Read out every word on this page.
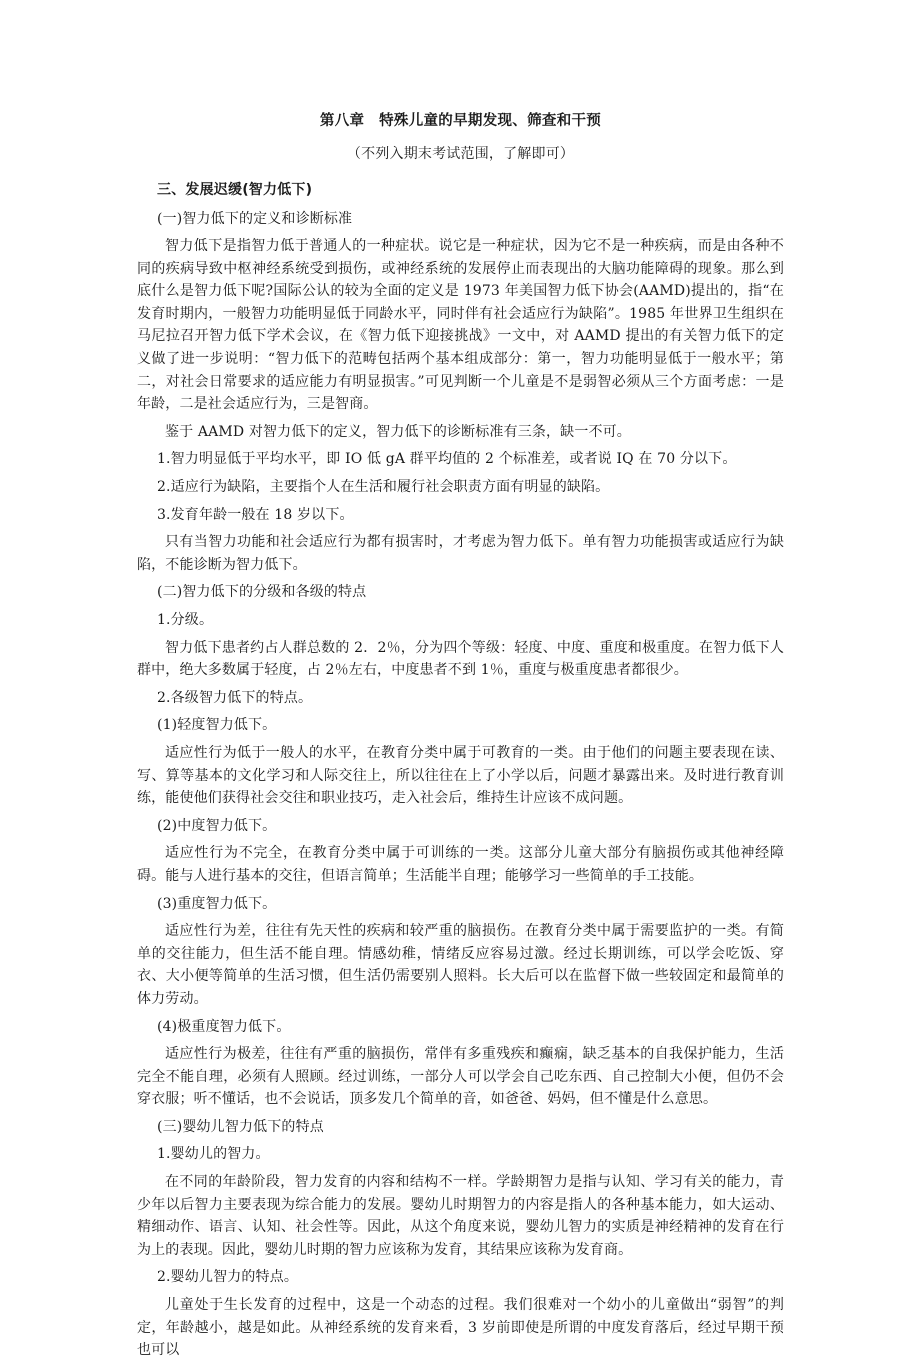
第八章　特殊儿童的早期发现、筛查和干预
（不列入期末考试范围，了解即可）
三、发展迟缓(智力低下)

(一)智力低下的定义和诊断标准

智力低下是指智力低于普通人的一种症状。说它是一种症状，因为它不是一种疾病，而是由各种不同的疾病导致中枢神经系统受到损伤，或神经系统的发展停止而表现出的大脑功能障碍的现象。那么到底什么是智力低下呢?国际公认的较为全面的定义是 1973 年美国智力低下协会(AAMD)提出的，指“在发育时期内，一般智力功能明显低于同龄水平，同时伴有社会适应行为缺陷”。1985 年世界卫生组织在马尼拉召开智力低下学术会议，在《智力低下迎接挑战》一文中，对 AAMD 提出的有关智力低下的定义做了进一步说明：“智力低下的范畴包括两个基本组成部分：第一，智力功能明显低于一般水平；第二，对社会日常要求的适应能力有明显损害。”可见判断一个儿童是不是弱智必须从三个方面考虑：一是年龄，二是社会适应行为，三是智商。

鉴于 AAMD 对智力低下的定义，智力低下的诊断标准有三条，缺一不可。

1.智力明显低于平均水平，即 IO 低 gA 群平均值的 2 个标准差，或者说 IQ 在 70 分以下。

2.适应行为缺陷，主要指个人在生活和履行社会职责方面有明显的缺陷。

3.发育年龄一般在 18 岁以下。

只有当智力功能和社会适应行为都有损害时，才考虑为智力低下。单有智力功能损害或适应行为缺陷，不能诊断为智力低下。

(二)智力低下的分级和各级的特点

1.分级。

智力低下患者约占人群总数的 2．2％，分为四个等级：轻度、中度、重度和极重度。在智力低下人群中，绝大多数属于轻度，占 2％左右，中度患者不到 1％，重度与极重度患者都很少。

2.各级智力低下的特点。

(1)轻度智力低下。

适应性行为低于一般人的水平，在教育分类中属于可教育的一类。由于他们的问题主要表现在读、写、算等基本的文化学习和人际交往上，所以往往在上了小学以后，问题才暴露出来。及时进行教育训练，能使他们获得社会交往和职业技巧，走入社会后，维持生计应该不成问题。

(2)中度智力低下。

适应性行为不完全，在教育分类中属于可训练的一类。这部分儿童大部分有脑损伤或其他神经障碍。能与人进行基本的交往，但语言简单；生活能半自理；能够学习一些简单的手工技能。

(3)重度智力低下。

适应性行为差，往往有先天性的疾病和较严重的脑损伤。在教育分类中属于需要监护的一类。有简单的交往能力，但生活不能自理。情感幼稚，情绪反应容易过激。经过长期训练，可以学会吃饭、穿衣、大小便等简单的生活习惯，但生活仍需要别人照料。长大后可以在监督下做一些较固定和最简单的体力劳动。

(4)极重度智力低下。

适应性行为极差，往往有严重的脑损伤，常伴有多重残疾和癫痫，缺乏基本的自我保护能力，生活完全不能自理，必须有人照顾。经过训练，一部分人可以学会自己吃东西、自己控制大小便，但仍不会穿衣服；听不懂话，也不会说话，顶多发几个简单的音，如爸爸、妈妈，但不懂是什么意思。

(三)婴幼儿智力低下的特点

1.婴幼儿的智力。

在不同的年龄阶段，智力发育的内容和结构不一样。学龄期智力是指与认知、学习有关的能力，青少年以后智力主要表现为综合能力的发展。婴幼儿时期智力的内容是指人的各种基本能力，如大运动、精细动作、语言、认知、社会性等。因此，从这个角度来说，婴幼儿智力的实质是神经精神的发育在行为上的表现。因此，婴幼儿时期的智力应该称为发育，其结果应该称为发育商。

2.婴幼儿智力的特点。

儿童处于生长发育的过程中，这是一个动态的过程。我们很难对一个幼小的儿童做出“弱智”的判定，年龄越小，越是如此。从神经系统的发育来看，3 岁前即使是所谓的中度发育落后，经过早期干预也可以
